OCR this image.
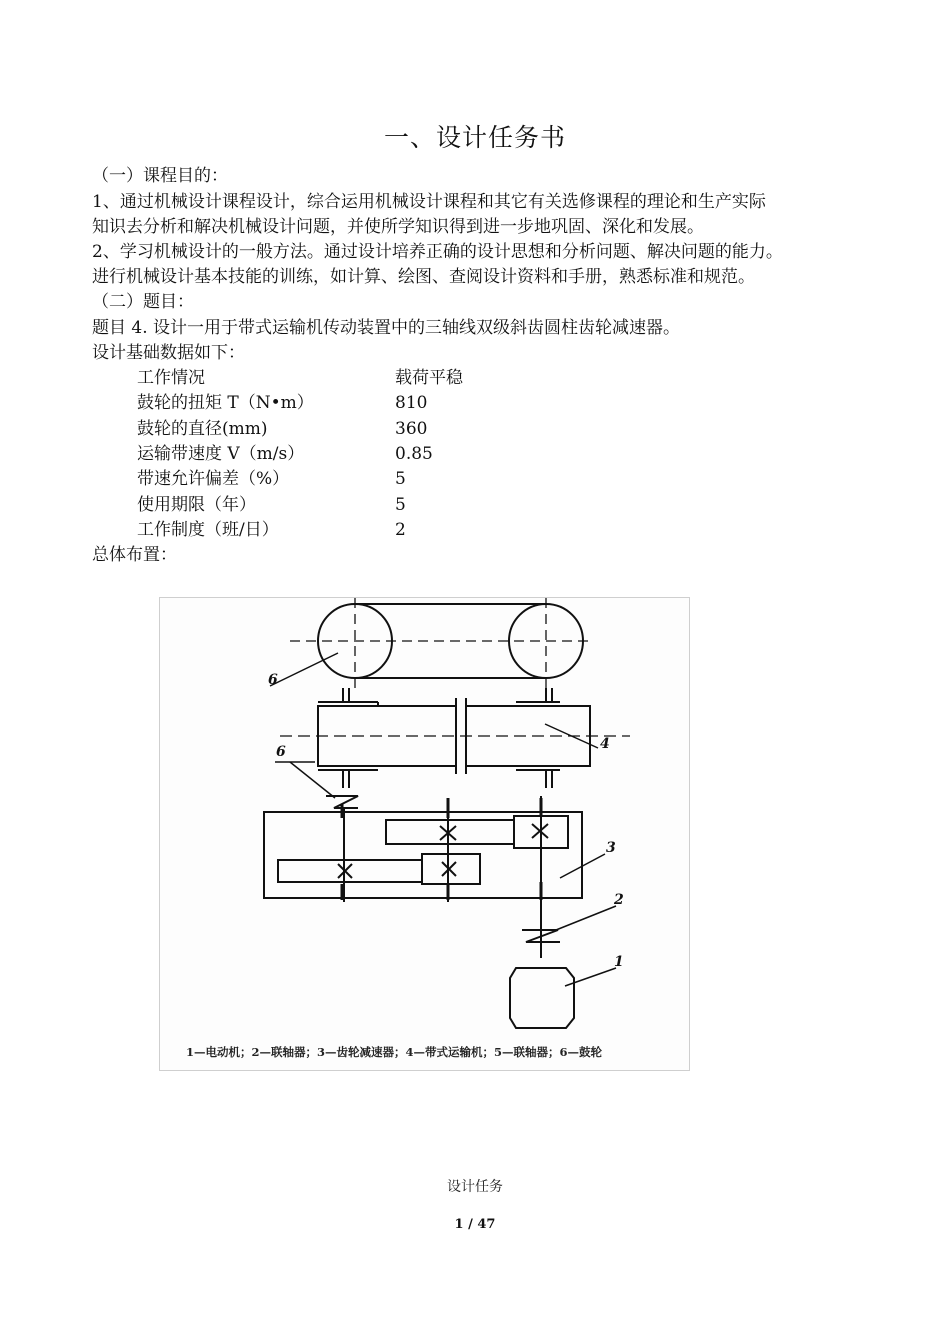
一、设计任务书
（一）课程目的：
1、通过机械设计课程设计，综合运用机械设计课程和其它有关选修课程的理论和生产实际
知识去分析和解决机械设计问题，并使所学知识得到进一步地巩固、深化和发展。
2、学习机械设计的一般方法。通过设计培养正确的设计思想和分析问题、解决问题的能力。
进行机械设计基本技能的训练，如计算、绘图、查阅设计资料和手册，熟悉标准和规范。
（二）题目：
题目 4. 设计一用于带式运输机传动装置中的三轴线双级斜齿圆柱齿轮减速器。
设计基础数据如下：
工作情况	载荷平稳
鼓轮的扭矩 T（N•m）	810
鼓轮的直径(mm)	360
运输带速度 V（m/s）	0.85
带速允许偏差（%）	5
使用期限（年）	5
工作制度（班/日）	2
总体布置：
6
4
6
3
2
1
1—电动机；2—联轴器；3—齿轮减速器；4—带式运输机；5—联轴器；6—鼓轮
设计任务
1 / 47
